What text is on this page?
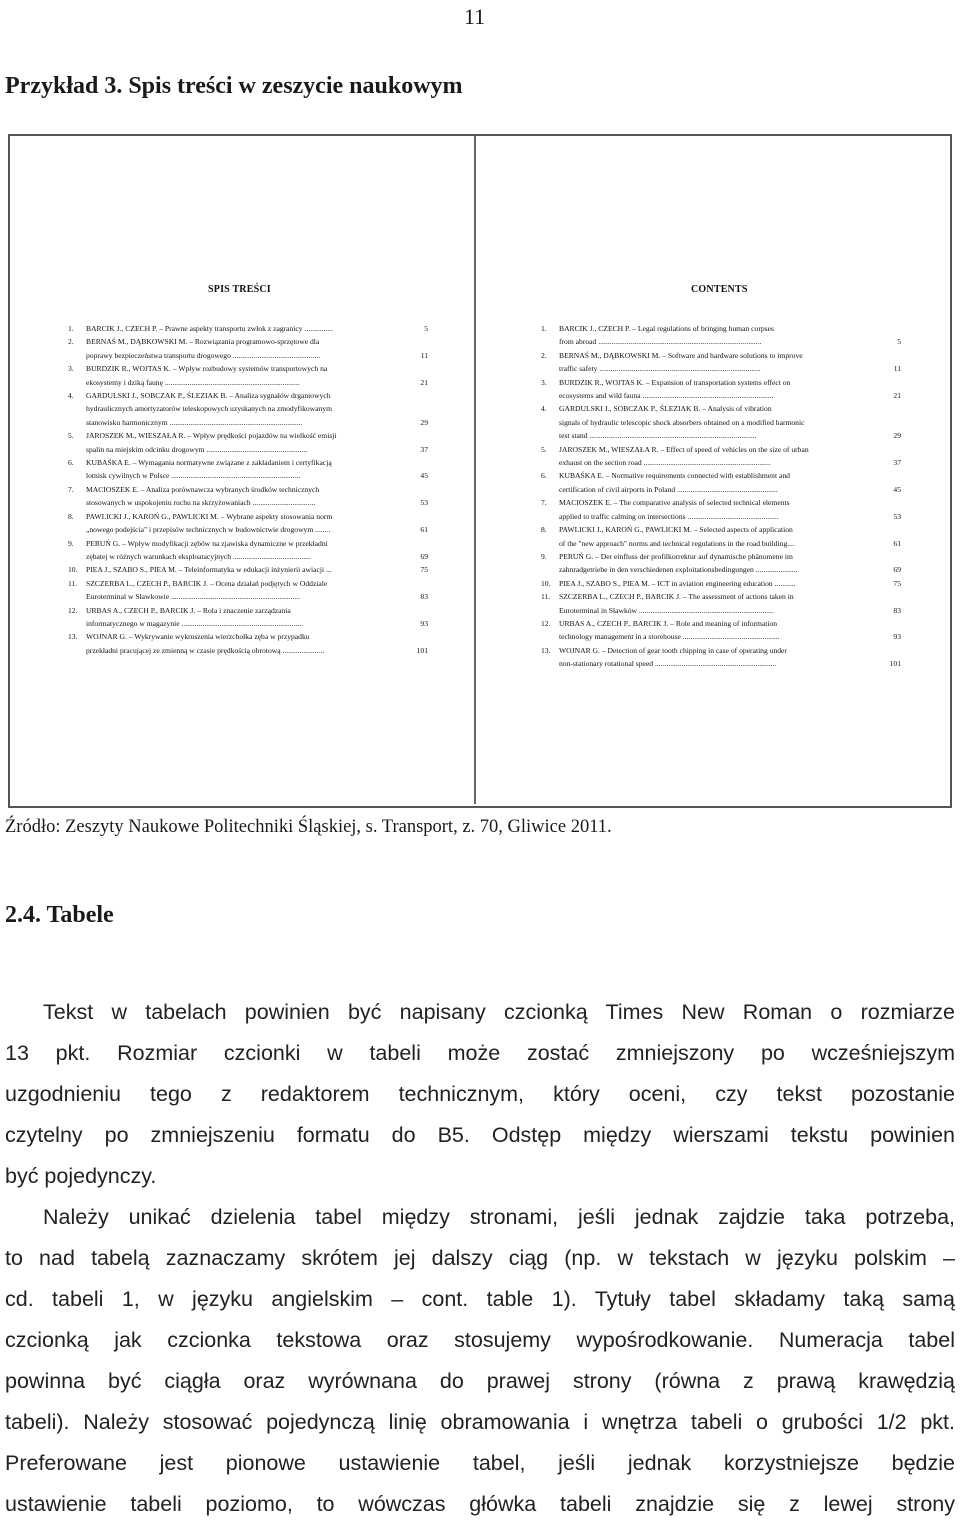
11
Przykład 3. Spis treści w zeszycie naukowym
SPIS TREŚCI
1. BARCIK J., CZECH P. – Prawne aspekty transportu zwłok z zagranicy ...............	5
2. BERNAŚ M., DĄBKOWSKI M. – Rozwiązania programowo-sprzętowe dla
poprawy bezpieczeństwa transportu drogowego ..............................................	11
3. BURDZIK R., WOJTAS K. – Wpływ rozbudowy systemów transportowych na
ekosystemy i dziką faunę .......................................................................	21
4. GARDULSKI J., SOBCZAK P., ŚLEZIAK B. – Analiza sygnałów drganiowych
hydraulicznych amortyzatorów teleskopowych uzyskanych na zmodyfikowanym
stanowisku harmonicznym ......................................................................	29
5. JAROSZEK M., WIESZAŁA R. – Wpływ prędkości pojazdów na wielkość emisji
spalin na miejskim odcinku drogowym .....................................................	37
6. KUBAŚKA E. – Wymagania normatywne związane z zakładaniem i certyfikacją
lotnisk cywilnych w Polsce ....................................................................	45
7. MACIOSZEK E. – Analiza porównawcza wybranych środków technicznych
stosowanych w uspokojeniu ruchu na skrzyżowaniach .................................	53
8. PAWLICKI J., KAROŃ G., PAWLICKI M. – Wybrane aspekty stosowania norm
„nowego podejścia" i przepisów technicznych w budownictwie drogowym ........	61
9. PERUŃ G. – Wpływ modyfikacji zębów na zjawiska dynamiczne w przekładni
zębatej w różnych warunkach eksploatacyjnych .........................................	69
10. PIEA J., SZABO S., PIEA M. – Teleinformatyka w edukacji inżynierii awiacji ...	75
11. SZCZERBA L., CZECH P., BARCIK J. – Ocena działań podjętych w Oddziale
Euroterminal w Sławkowie ....................................................................	83
12. URBAS A., CZECH P., BARCIK J. – Rola i znaczenie zarządzania
informatycznego w magazynie ................................................................	93
13. WOJNAR G. – Wykrywanie wykruszenia wierzchołka zęba w przypadku
przekładni pracującej ze zmienną w czasie prędkością obrotową ......................	101
CONTENTS
1. BARCIK J., CZECH P. – Legal regulations of bringing human corpses
from abroad ......................................................................................	5
2. BERNAŚ M., DĄBKOWSKI M. – Software and hardware solutions to improve
traffic safety .....................................................................................	11
3. BURDZIK R., WOJTAS K. – Expansion of transportation systems effect on
ecosystems and wild fauna .....................................................................	21
4. GARDULSKI J., SOBCZAK P., ŚLEZIAK B. – Analysis of vibration
signals of hydraulic telescopic shock absorbers obtained on a modified harmonic
test stand ........................................................................................	29
5. JAROSZEK M., WIESZAŁA R. – Effect of speed of vehicles on the size of urban
exhaust on the section road ...................................................................	37
6. KUBAŚKA E. – Normative requirements connected with establishment and
certification of civil airports in Poland .....................................................	45
7. MACIOSZEK E. – The comparative analysis of selected technical elements
applied to traffic calming on intersections ................................................	53
8. PAWLICKI J., KAROŃ G., PAWLICKI M. – Selected aspects of application
of the "new approach" norms and technical regulations in the road building....	61
9. PERUŃ G. – Der einfluss der profilkorrektur auf dynamische phänomene im
zahnradgetriebe in den verschiedenen exploitationsbedingungen ......................	69
10. PIEA J., SZABO S., PIEA M. – ICT in aviation engineering education ...........	75
11. SZCZERBA L., CZECH P., BARCIK J. – The assessment of actions taken in
Euroterminal in Sławków .......................................................................	83
12. URBAS A., CZECH P., BARCIK J. – Role and meaning of information
technology management in a storehouse ...................................................	93
13. WOJNAR G. – Detection of gear tooth chipping in case of operating under
non-stationary rotational speed ................................................................	101
Źródło: Zeszyty Naukowe Politechniki Śląskiej, s. Transport, z. 70, Gliwice 2011.
2.4. Tabele
Tekst w tabelach powinien być napisany czcionką Times New Roman o rozmiarze
13 pkt. Rozmiar czcionki w tabeli może zostać zmniejszony po wcześniejszym
uzgodnieniu tego z redaktorem technicznym, który oceni, czy tekst pozostanie
czytelny po zmniejszeniu formatu do B5. Odstęp między wierszami tekstu powinien
być pojedynczy.
Należy unikać dzielenia tabel między stronami, jeśli jednak zajdzie taka potrzeba,
to nad tabelą zaznaczamy skrótem jej dalszy ciąg (np. w tekstach w języku polskim –
cd. tabeli 1, w języku angielskim – cont. table 1). Tytuły tabel składamy taką samą
czcionką jak czcionka tekstowa oraz stosujemy wypośrodkowanie. Numeracja tabel
powinna być ciągła oraz wyrównana do prawej strony (równa z prawą krawędzią
tabeli). Należy stosować pojedynczą linię obramowania i wnętrza tabeli o grubości 1/2 pkt.
Preferowane jest pionowe ustawienie tabel, jeśli jednak korzystniejsze będzie
ustawienie tabeli poziomo, to wówczas główka tabeli znajdzie się z lewej strony
